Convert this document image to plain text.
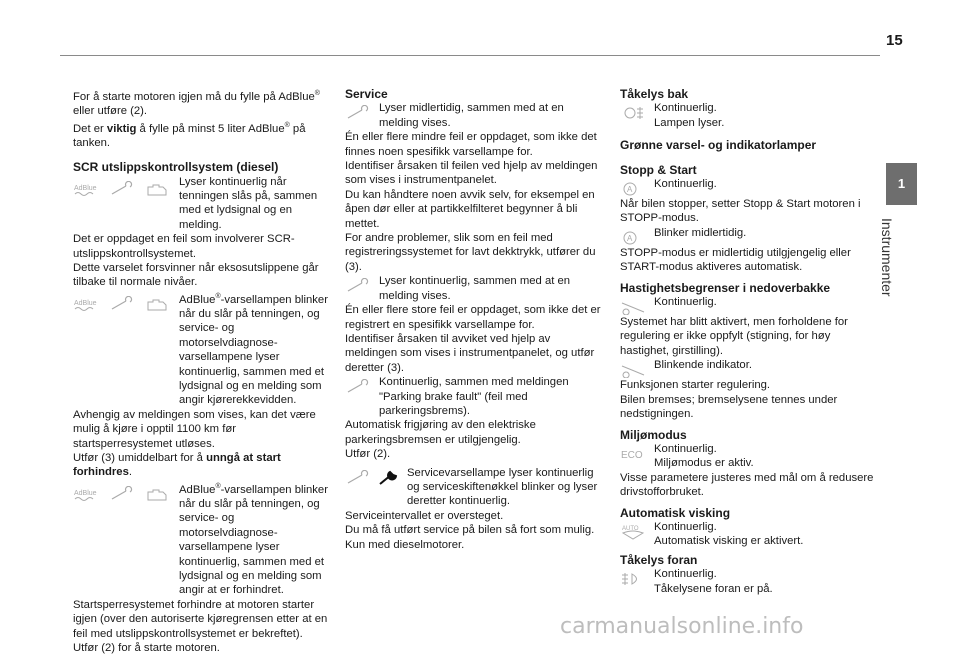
15
1
Instrumenter

For å starte motoren igjen må du fylle på AdBlue® eller utføre (2).
Det er viktig å fylle på minst 5 liter AdBlue® på tanken.

SCR utslippskontrollsystem (diesel)

AdBlue

Lyser kontinuerlig når tenningen slås på, sammen med et lydsignal og en melding.

Det er oppdaget en feil som involverer SCR-utslippskontrollsystemet.

Dette varselet forsvinner når eksosutslippene går tilbake til normale nivåer.

AdBlue	AdBlue®-varsellampen blinker når du slår på tenningen, og service- og motorselvdiagnose-varsellampene lyser kontinuerlig, sammen med et lydsignal og en melding som angir kjørerekkevidden.

Avhengig av meldingen som vises, kan det være mulig å kjøre i opptil 1100 km før startsperresystemet utløses.

Utfør (3) umiddelbart for å unngå at start forhindres.

AdBlue	AdBlue®-varsellampen blinker når du slår på tenningen, og service- og motorselvdiagnose-varsellampene lyser kontinuerlig, sammen med et lydsignal og en melding som angir at er forhindret.

Startsperresystemet forhindre at motoren starter igjen (over den autoriserte kjøregrensen etter at en feil med utslippskontrollsystemet er bekreftet).

Utfør (2) for å starte motoren.

Service

Lyser midlertidig, sammen med at en melding vises.

Én eller flere mindre feil er oppdaget, som ikke det finnes noen spesifikk varsellampe for.

Identifiser årsaken til feilen ved hjelp av meldingen som vises i instrumentpanelet.

Du kan håndtere noen avvik selv, for eksempel en åpen dør eller at partikkelfilteret begynner å bli mettet.

For andre problemer, slik som en feil med registreringssystemet for lavt dekktrykk, utfører du (3).

Lyser kontinuerlig, sammen med at en melding vises.

Én eller flere store feil er oppdaget, som ikke det er registrert en spesifikk varsellampe for.

Identifiser årsaken til avviket ved hjelp av meldingen som vises i instrumentpanelet, og utfør deretter (3).

Kontinuerlig, sammen med meldingen "Parking brake fault" (feil med parkeringsbrems).

Automatisk frigjøring av den elektriske parkeringsbremsen er utilgjengelig.

Utfør (2).

Servicevarsellampe lyser kontinuerlig og serviceskiftenøkkel blinker og lyser deretter kontinuerlig.

Serviceintervallet er oversteget.

Du må få utført service på bilen så fort som mulig.

Kun med dieselmotorer.

Tåkelys bak

Kontinuerlig.
Lampen lyser.

Grønne varsel- og indikatorlamper

Stopp & Start

A Kontinuerlig.

Når bilen stopper, setter Stopp & Start motoren i STOPP-modus.

A Blinker midlertidig.

STOPP-modus er midlertidig utilgjengelig eller START-modus aktiveres automatisk.

Hastighetsbegrenser i nedoverbakke

Kontinuerlig.

Systemet har blitt aktivert, men forholdene for regulering er ikke oppfylt (stigning, for høy hastighet, girstilling).

Blinkende indikator.

Funksjonen starter regulering.

Bilen bremses; bremselysene tennes under nedstigningen.

Miljømodus

ECO

Kontinuerlig.
Miljømodus er aktiv.

Visse parametere justeres med mål om å redusere drivstofforbruket.

Automatisk visking

AUTO Kontinuerlig.
Automatisk visking er aktivert.

Tåkelys foran

Kontinuerlig.
Tåkelysene foran er på.

carmanualsonline.info
